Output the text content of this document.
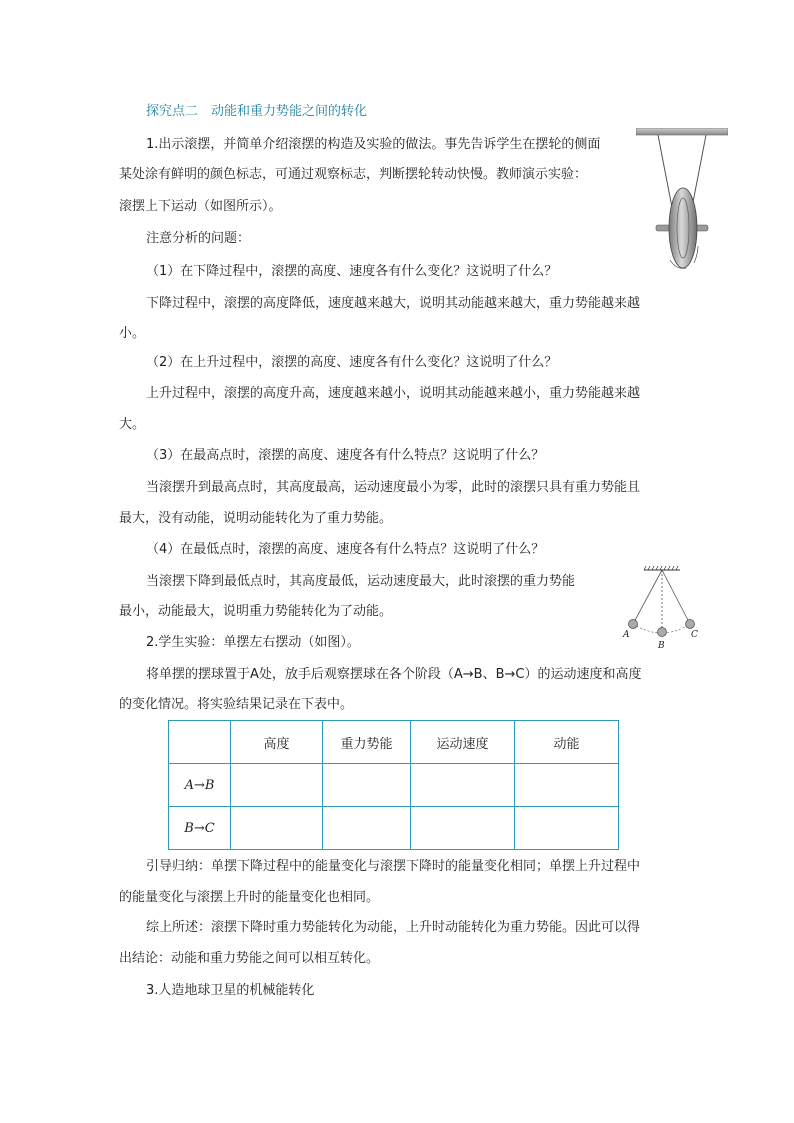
探究点二　动能和重力势能之间的转化

1.出示滚摆，并简单介绍滚摆的构造及实验的做法。事先告诉学生在摆轮的侧面

某处涂有鲜明的颜色标志，可通过观察标志，判断摆轮转动快慢。教师演示实验：

滚摆上下运动（如图所示）。

注意分析的问题：

（1）在下降过程中，滚摆的高度、速度各有什么变化？这说明了什么？

下降过程中，滚摆的高度降低，速度越来越大，说明其动能越来越大，重力势能越来越

小。

（2）在上升过程中，滚摆的高度、速度各有什么变化？这说明了什么？

上升过程中，滚摆的高度升高，速度越来越小，说明其动能越来越小，重力势能越来越

大。

（3）在最高点时，滚摆的高度、速度各有什么特点？这说明了什么？

当滚摆升到最高点时，其高度最高，运动速度最小为零，此时的滚摆只具有重力势能且

最大，没有动能，说明动能转化为了重力势能。

（4）在最低点时，滚摆的高度、速度各有什么特点？这说明了什么？

当滚摆下降到最低点时，其高度最低，运动速度最大，此时滚摆的重力势能

最小，动能最大，说明重力势能转化为了动能。

2.学生实验：单摆左右摆动（如图）。

将单摆的摆球置于A处，放手后观察摆球在各个阶段（A→B、B→C）的运动速度和高度

的变化情况。将实验结果记录在下表中。

	高度	重力势能	运动速度	动能
A→B				
B→C				

引导归纳：单摆下降过程中的能量变化与滚摆下降时的能量变化相同；单摆上升过程中

的能量变化与滚摆上升时的能量变化也相同。

综上所述：滚摆下降时重力势能转化为动能，上升时动能转化为重力势能。因此可以得

出结论：动能和重力势能之间可以相互转化。

3.人造地球卫星的机械能转化

A
B
C
